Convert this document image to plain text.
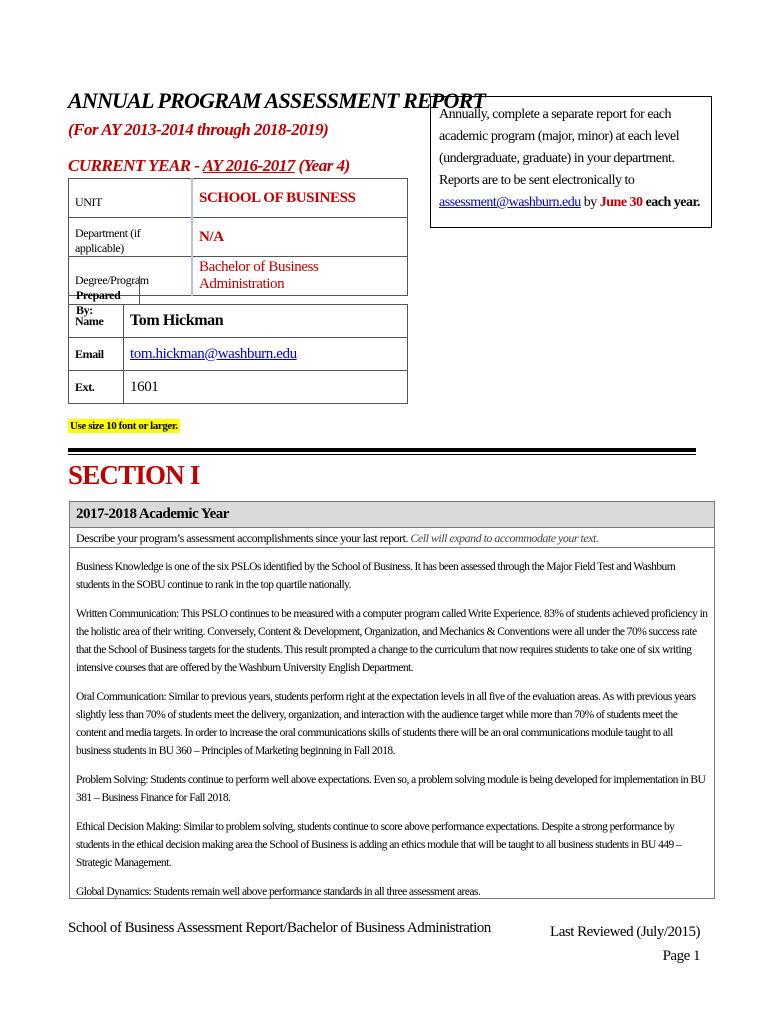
ANNUAL PROGRAM ASSESSMENT REPORT
(For AY 2013-2014 through 2018-2019)
CURRENT YEAR - AY 2016-2017 (Year 4)
Annually, complete a separate report for each academic program (major, minor) at each level (undergraduate, graduate) in your department. Reports are to be sent electronically to assessment@washburn.edu by June 30 each year.
UNIT	SCHOOL OF BUSINESS
Department (if applicable)	N/A
Degree/Program	Bachelor of Business Administration
Prepared By:
Name	Tom Hickman
Email	tom.hickman@washburn.edu
Ext.	1601
Use size 10 font or larger.
SECTION I
2017-2018 Academic Year
Describe your program’s assessment accomplishments since your last report. Cell will expand to accommodate your text.

Business Knowledge is one of the six PSLOs identified by the School of Business. It has been assessed through the Major Field Test and Washburn students in the SOBU continue to rank in the top quartile nationally.

Written Communication: This PSLO continues to be measured with a computer program called Write Experience. 83% of students achieved proficiency in the holistic area of their writing. Conversely, Content & Development, Organization, and Mechanics & Conventions were all under the 70% success rate that the School of Business targets for the students. This result prompted a change to the curriculum that now requires students to take one of six writing intensive courses that are offered by the Washburn University English Department.

Oral Communication: Similar to previous years, students perform right at the expectation levels in all five of the evaluation areas. As with previous years slightly less than 70% of students meet the delivery, organization, and interaction with the audience target while more than 70% of students meet the content and media targets. In order to increase the oral communications skills of students there will be an oral communications module taught to all business students in BU 360 – Principles of Marketing beginning in Fall 2018.

Problem Solving: Students continue to perform well above expectations. Even so, a problem solving module is being developed for implementation in BU 381 – Business Finance for Fall 2018.

Ethical Decision Making: Similar to problem solving, students continue to score above performance expectations. Despite a strong performance by students in the ethical decision making area the School of Business is adding an ethics module that will be taught to all business students in BU 449 – Strategic Management.

Global Dynamics: Students remain well above performance standards in all three assessment areas.

School of Business Assessment Report/Bachelor of Business Administration	Last Reviewed (July/2015)
Page 1
